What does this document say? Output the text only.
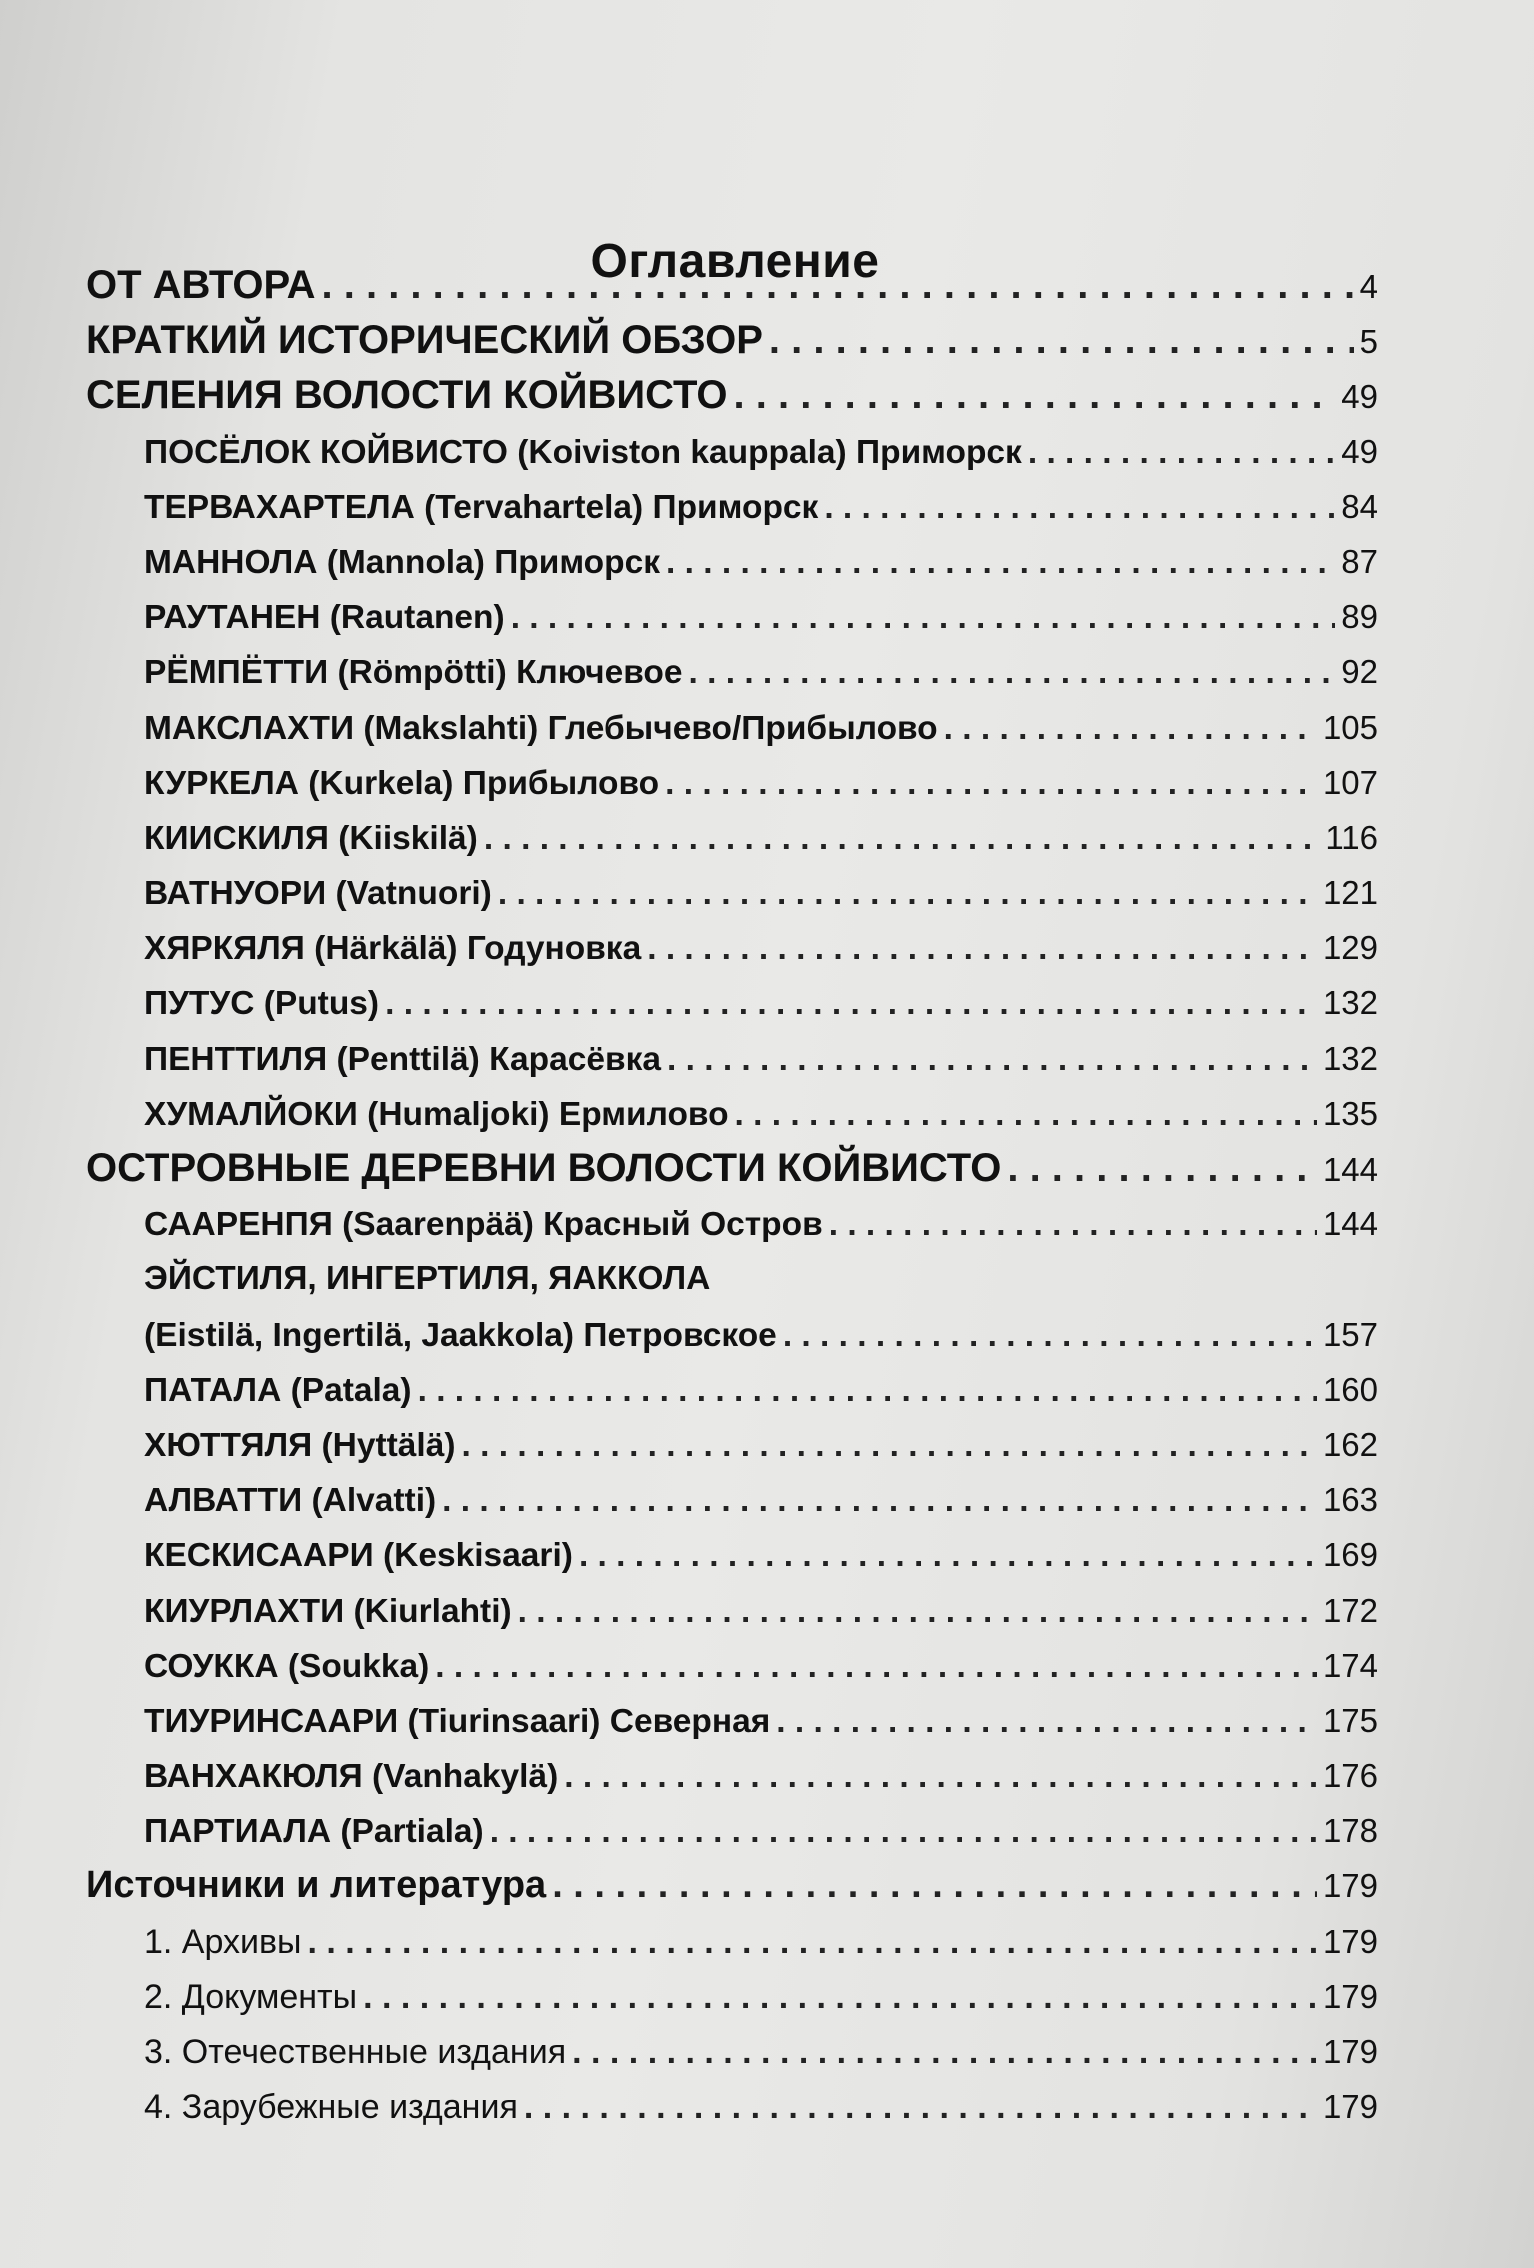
Оглавление
ОТ АВТОРА . . .	4
КРАТКИЙ ИСТОРИЧЕСКИЙ ОБЗОР . . .	5
СЕЛЕНИЯ ВОЛОСТИ КОЙВИСТО . . .	49
ПОСЁЛОК КОЙВИСТО (Koiviston kauppala) Приморск . . .	49
ТЕРВАХАРТЕЛА (Tervahartela) Приморск . . .	84
МАННОЛА (Mannola) Приморск . . .	87
РАУТАНЕН (Rautanen) . . .	89
РЁМПЁТТИ (Römpötti) Ключевое . . .	92
МАКСЛАХТИ (Makslahti) Глебычево/Прибылово . . .	105
КУРКЕЛА (Kurkela) Прибылово . . .	107
КИИСКИЛЯ (Kiiskilä) . . .	116
ВАТНУОРИ (Vatnuori) . . .	121
ХЯРКЯЛЯ (Härkälä) Годуновка . . .	129
ПУТУС (Putus) . . .	132
ПЕНТТИЛЯ (Penttilä) Карасёвка . . .	132
ХУМАЛЙОКИ (Humaljoki) Ермилово . . .	135
ОСТРОВНЫЕ ДЕРЕВНИ ВОЛОСТИ КОЙВИСТО . . .	144
СААРЕНПЯ (Saarenpää) Красный Остров . . .	144
ЭЙСТИЛЯ, ИНГЕРТИЛЯ, ЯАККОЛА
(Eistilä, Ingertilä, Jaakkola) Петровское . . .	157
ПАТАЛА (Patala) . . .	160
ХЮТТЯЛЯ (Hyttälä) . . .	162
АЛВАТТИ (Alvatti) . . .	163
КЕСКИСААРИ (Keskisaari) . . .	169
КИУРЛАХТИ (Kiurlahti) . . .	172
СОУККА (Soukka) . . .	174
ТИУРИНСААРИ (Tiurinsaari) Северная . . .	175
ВАНХАКЮЛЯ (Vanhakylä) . . .	176
ПАРТИАЛА (Partiala) . . .	178
Источники и литература . . .	179
1. Архивы . . .	179
2. Документы . . .	179
3. Отечественные издания . . .	179
4. Зарубежные издания . . .	179
